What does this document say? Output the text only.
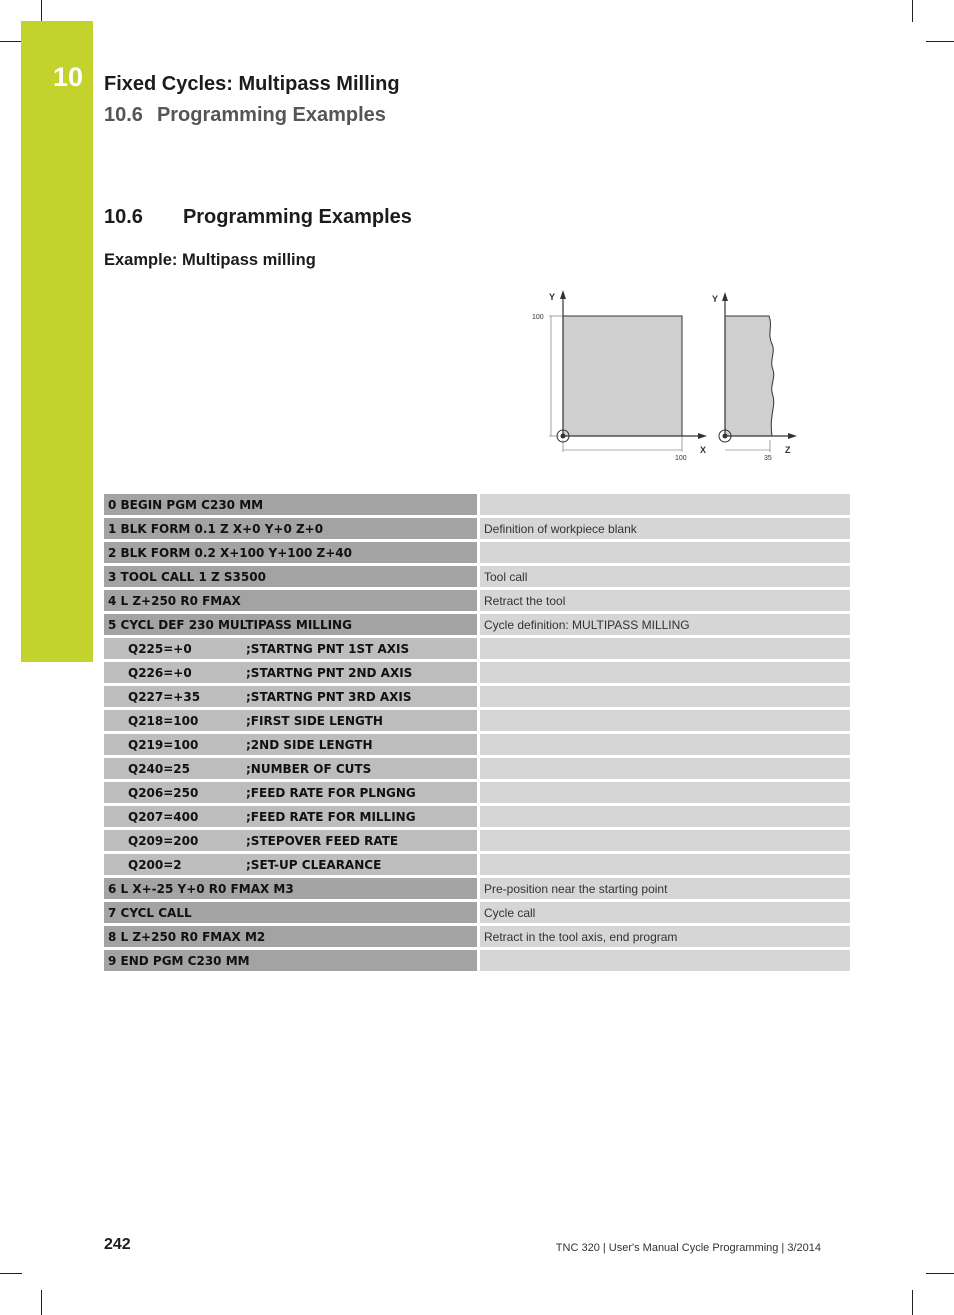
10 Fixed Cycles: Multipass Milling
10.6 Programming Examples
10.6 Programming Examples
Example: Multipass milling
Y
X
100
100
Y
Z
35
0 BEGIN PGM C230 MM	
1 BLK FORM 0.1 Z X+0 Y+0 Z+0	Definition of workpiece blank
2 BLK FORM 0.2 X+100 Y+100 Z+40	
3 TOOL CALL 1 Z S3500	Tool call
4 L Z+250 R0 FMAX	Retract the tool
5 CYCL DEF 230 MULTIPASS MILLING	Cycle definition: MULTIPASS MILLING
Q225=+0 ;STARTNG PNT 1ST AXIS	
Q226=+0 ;STARTNG PNT 2ND AXIS	
Q227=+35 ;STARTNG PNT 3RD AXIS	
Q218=100 ;FIRST SIDE LENGTH	
Q219=100 ;2ND SIDE LENGTH	
Q240=25 ;NUMBER OF CUTS	
Q206=250 ;FEED RATE FOR PLNGNG	
Q207=400 ;FEED RATE FOR MILLING	
Q209=200 ;STEPOVER FEED RATE	
Q200=2 ;SET-UP CLEARANCE	
6 L X+-25 Y+0 R0 FMAX M3	Pre-position near the starting point
7 CYCL CALL	Cycle call
8 L Z+250 R0 FMAX M2	Retract in the tool axis, end program
9 END PGM C230 MM	
242	TNC 320 | User's Manual Cycle Programming | 3/2014
